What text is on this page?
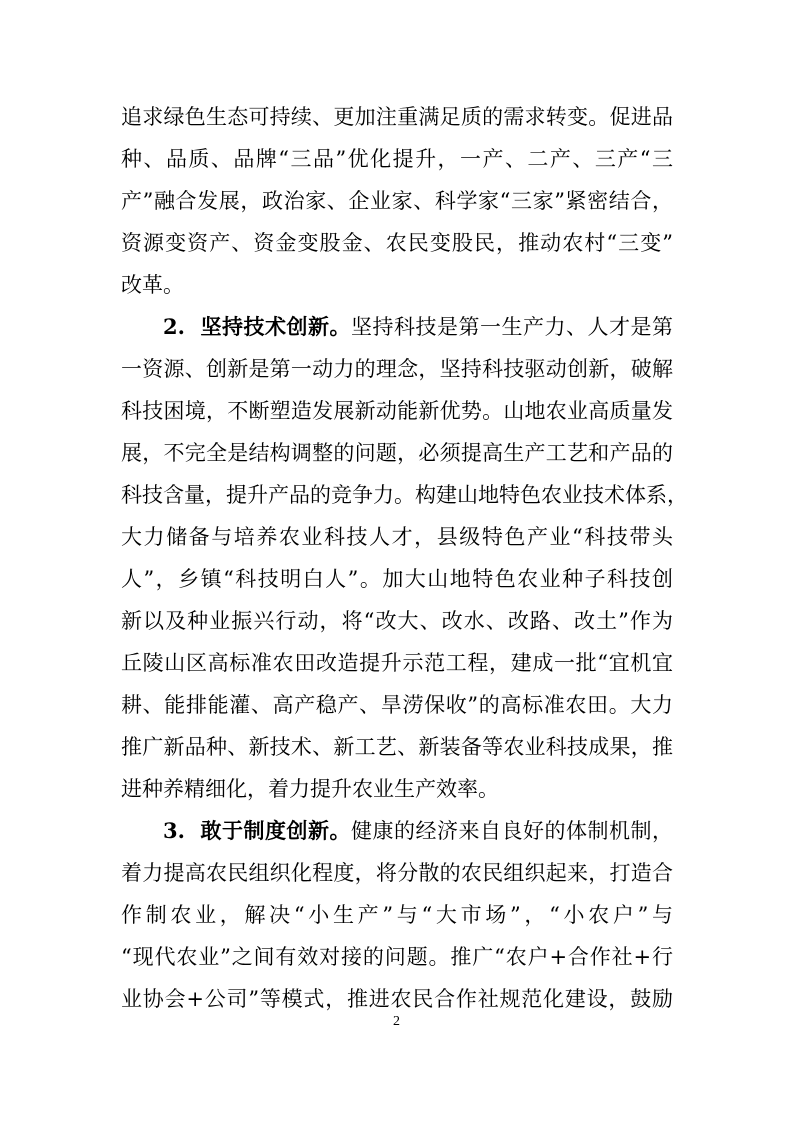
追求绿色生态可持续、更加注重满足质的需求转变。促进品
种、品质、品牌“三品”优化提升，一产、二产、三产“三
产”融合发展，政治家、企业家、科学家“三家”紧密结合，
资源变资产、资金变股金、农民变股民，推动农村“三变”
改革。
2.  坚持技术创新。坚持科技是第一生产力、人才是第
一资源、创新是第一动力的理念，坚持科技驱动创新，破解
科技困境，不断塑造发展新动能新优势。山地农业高质量发
展，不完全是结构调整的问题，必须提高生产工艺和产品的
科技含量，提升产品的竞争力。构建山地特色农业技术体系，
大力储备与培养农业科技人才，县级特色产业“科技带头
人”，乡镇“科技明白人”。加大山地特色农业种子科技创
新以及种业振兴行动，将“改大、改水、改路、改土”作为
丘陵山区高标准农田改造提升示范工程，建成一批“宜机宜
耕、能排能灌、高产稳产、旱涝保收”的高标准农田。大力
推广新品种、新技术、新工艺、新装备等农业科技成果，推
进种养精细化，着力提升农业生产效率。
3.  敢于制度创新。健康的经济来自良好的体制机制，
着力提高农民组织化程度，将分散的农民组织起来，打造合
作制农业，解决“小生产”与“大市场”，“小农户”与
“现代农业”之间有效对接的问题。推广“农户+合作社+行
业协会+公司”等模式，推进农民合作社规范化建设，鼓励
2
